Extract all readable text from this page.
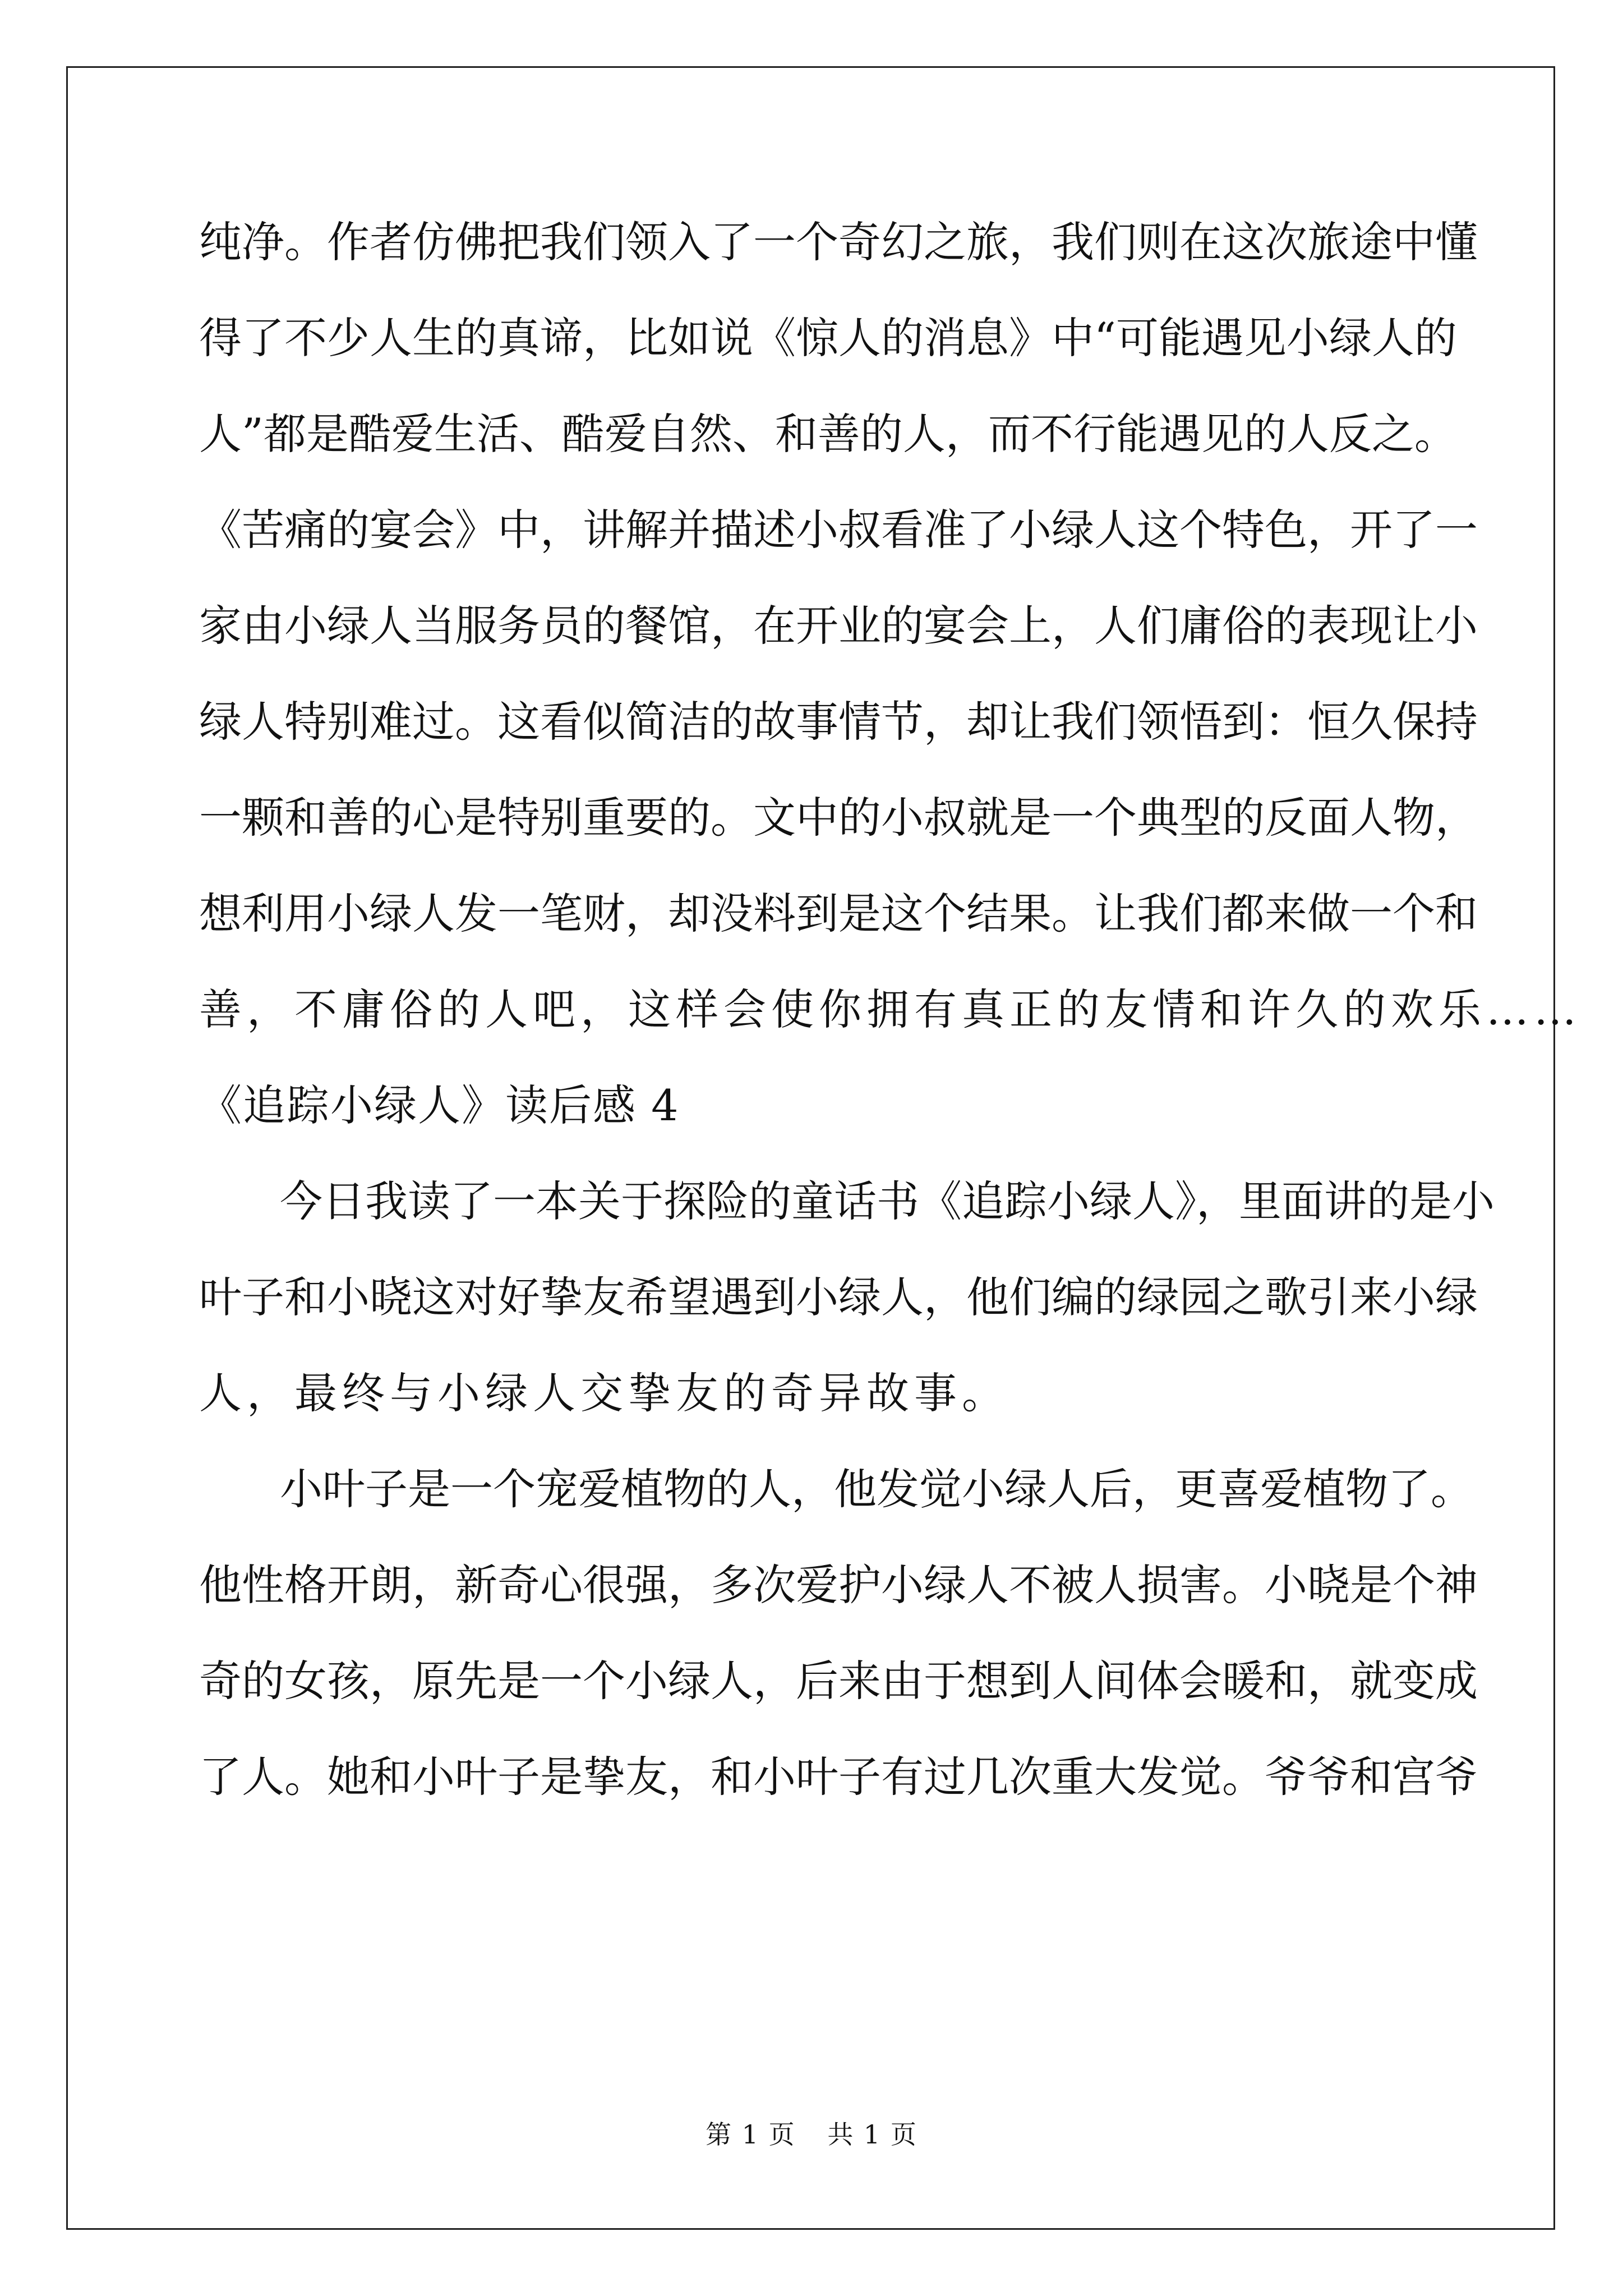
纯净。作者仿佛把我们领入了一个奇幻之旅，我们则在这次旅途中懂
得了不少人生的真谛，比如说《惊人的消息》中“可能遇见小绿人的
人”都是酷爱生活、酷爱自然、和善的人，而不行能遇见的人反之。
《苦痛的宴会》中，讲解并描述小叔看准了小绿人这个特色，开了一
家由小绿人当服务员的餐馆，在开业的宴会上，人们庸俗的表现让小
绿人特别难过。这看似简洁的故事情节，却让我们领悟到：恒久保持
一颗和善的心是特别重要的。文中的小叔就是一个典型的反面人物，
想利用小绿人发一笔财，却没料到是这个结果。让我们都来做一个和
善，不庸俗的人吧，这样会使你拥有真正的友情和许久的欢乐……
《追踪小绿人》读后感 4
今日我读了一本关于探险的童话书《追踪小绿人》，里面讲的是小
叶子和小晓这对好挚友希望遇到小绿人，他们编的绿园之歌引来小绿
人，最终与小绿人交挚友的奇异故事。
小叶子是一个宠爱植物的人，他发觉小绿人后，更喜爱植物了。
他性格开朗，新奇心很强，多次爱护小绿人不被人损害。小晓是个神
奇的女孩，原先是一个小绿人，后来由于想到人间体会暖和，就变成
了人。她和小叶子是挚友，和小叶子有过几次重大发觉。爷爷和宫爷
第 1 页 共 1 页
